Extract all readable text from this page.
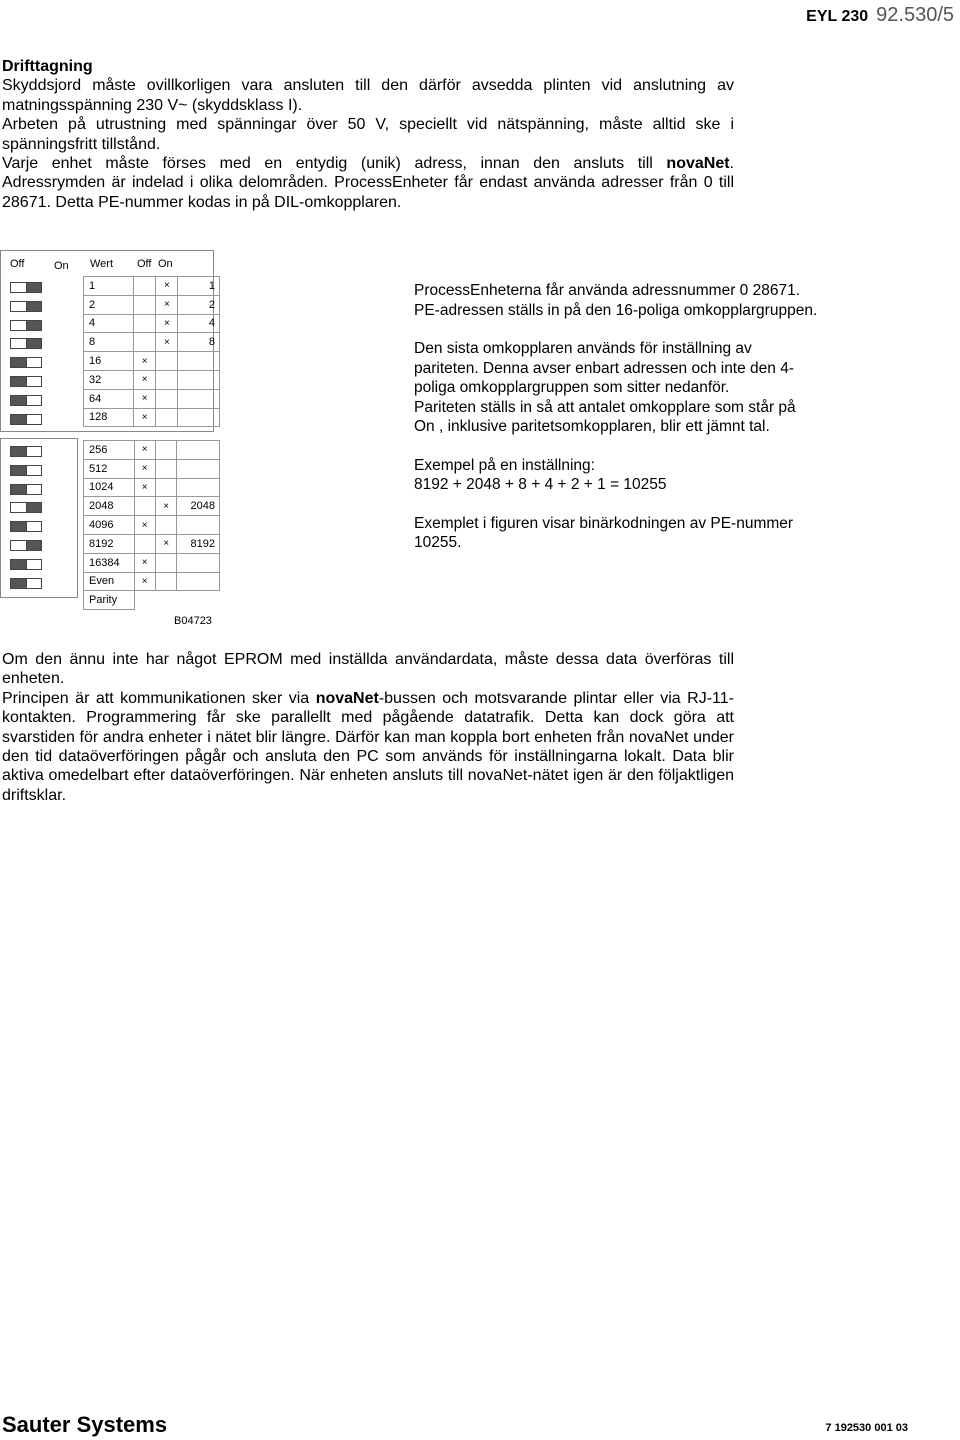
EYL 230 92.530/5

Drifttagning

Skyddsjord måste ovillkorligen vara ansluten till den därför avsedda plinten vid anslutning av

matningsspänning 230 V~ (skyddsklass I).

Arbeten på utrustning med spänningar över 50 V, speciellt vid nätspänning, måste alltid ske i

spänningsfritt tillstånd.

Varje enhet måste förses med en entydig (unik) adress, innan den ansluts till novaNet.

Adressrymden är indelad i olika delområden. ProcessEnheter får endast använda adresser från 0 till

28671. Detta PE-nummer kodas in på DIL-omkopplaren.

Off	On Wert Off On
1		×	1
2		×	2
4		×	4
8		×	8
16	×		
32	×		
64	×		
128	×		
256	×		
512	×		
1024	×		
2048		×	2048
4096	×		
8192		×	8192
16384	×		
Even	×		
Parity			
B04723

ProcessEnheterna får använda adressnummer 0 28671.

PE-adressen ställs in på den 16-poliga omkopplargruppen.

Den sista omkopplaren används för inställning av

pariteten. Denna avser enbart adressen och inte den 4-

poliga omkopplargruppen som sitter nedanför.

Pariteten ställs in så att antalet omkopplare som står på

On , inklusive paritetsomkopplaren, blir ett jämnt tal.

Exempel på en inställning:

8192 + 2048 + 8 + 4 + 2 + 1 = 10255

Exemplet i figuren visar binärkodningen av PE-nummer

10255.

Om den ännu inte har något EPROM med inställda användardata, måste dessa data överföras till enheten.

Principen är att kommunikationen sker via novaNet-bussen och motsvarande plintar eller via RJ-11-kontakten. Programmering får ske parallellt med pågående datatrafik. Detta kan dock göra att svarstiden för andra enheter i nätet blir längre. Därför kan man koppla bort enheten från novaNet under den tid dataöverföringen pågår och ansluta den PC som används för inställningarna lokalt. Data blir aktiva omedelbart efter dataöverföringen. När enheten ansluts till novaNet-nätet igen är den följaktligen driftsklar.

Sauter Systems	7 192530 001 03
